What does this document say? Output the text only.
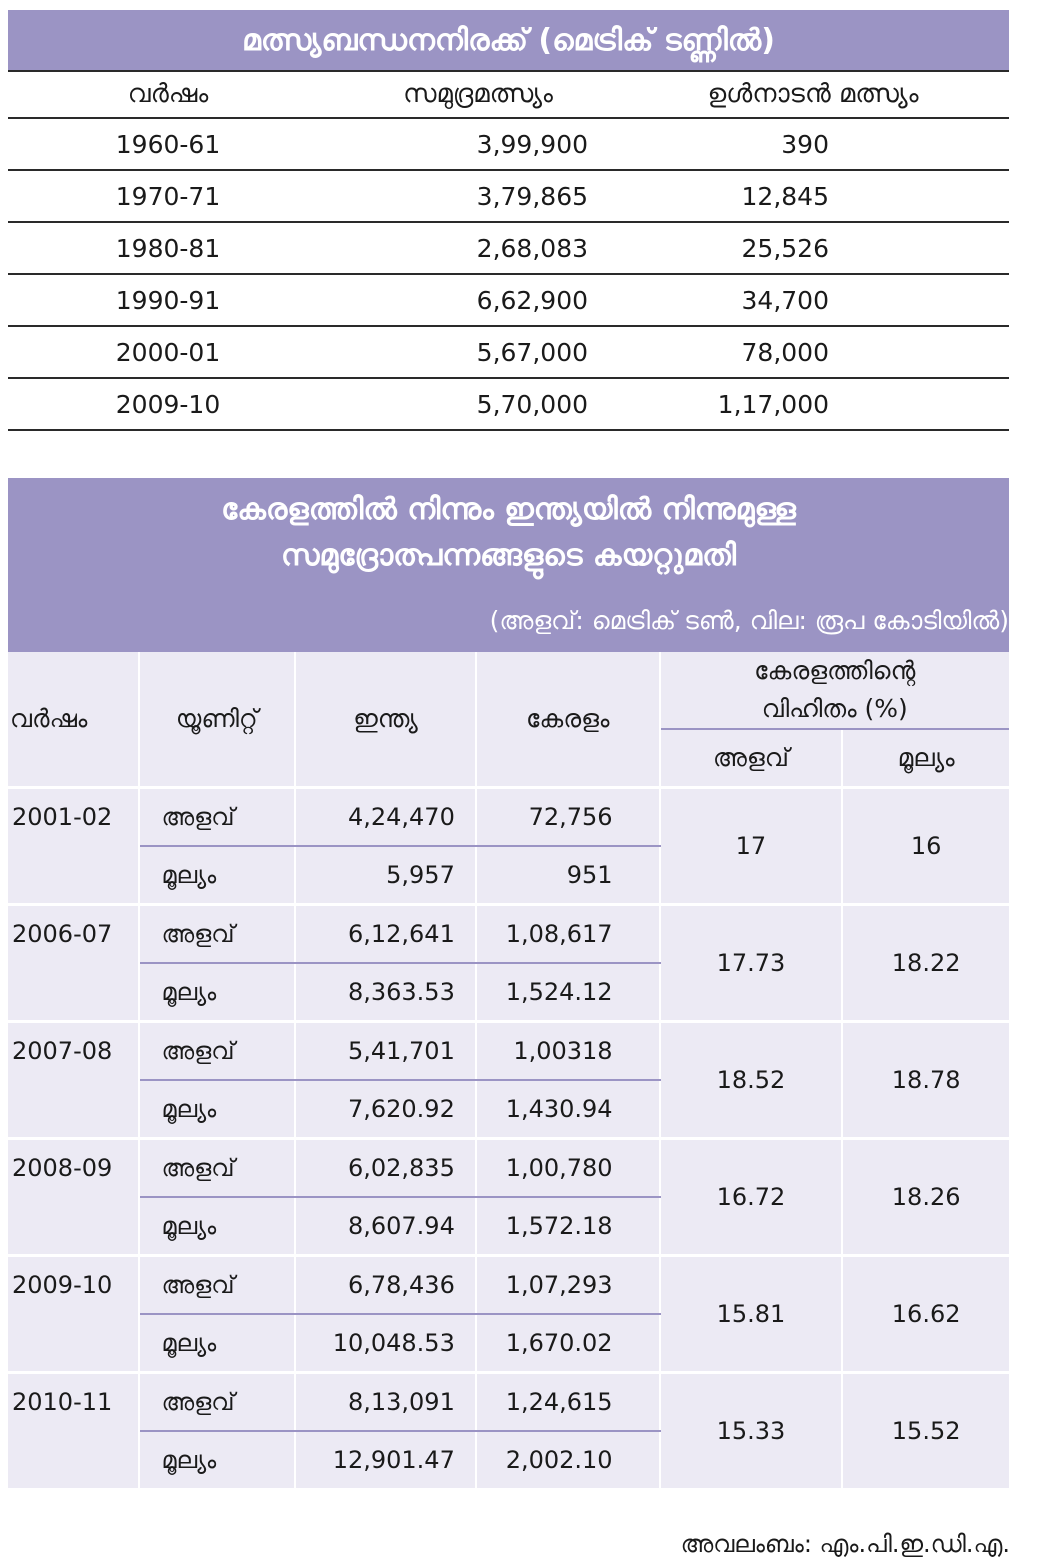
മത്സ്യബന്ധനനിരക്ക് (മെട്രിക് ടണ്ണിൽ)
വർഷം	സമുദ്രമത്സ്യം	ഉൾനാടൻ മത്സ്യം
1960-61	3,99,900	390
1970-71	3,79,865	12,845
1980-81	2,68,083	25,526
1990-91	6,62,900	34,700
2000-01	5,67,000	78,000
2009-10	5,70,000	1,17,000
കേരളത്തിൽ നിന്നും ഇന്ത്യയിൽ നിന്നുമുള്ള
സമുദ്രോത്പന്നങ്ങളുടെ കയറ്റുമതി
(അളവ്: മെട്രിക് ടൺ, വില: രൂപ കോടിയിൽ)
വർഷം	യൂണിറ്റ്	ഇന്ത്യ	കേരളം	കേരളത്തിന്റെ
വിഹിതം (%)	

				അളവ്	മൂല്യം
2001-02	അളവ്	4,24,470	72,756	17	16
	മൂല്യം	5,957	951		
2006-07	അളവ്	6,12,641	1,08,617	17.73	18.22
	മൂല്യം	8,363.53	1,524.12		
2007-08	അളവ്	5,41,701	1,00318	18.52	18.78
	മൂല്യം	7,620.92	1,430.94		
2008-09	അളവ്	6,02,835	1,00,780	16.72	18.26
	മൂല്യം	8,607.94	1,572.18		
2009-10	അളവ്	6,78,436	1,07,293	15.81	16.62
	മൂല്യം	10,048.53	1,670.02		
2010-11	അളവ്	8,13,091	1,24,615	15.33	15.52
	മൂല്യം	12,901.47	2,002.10		
അവലംബം: എം.പി.ഇ.ഡി.എ.
